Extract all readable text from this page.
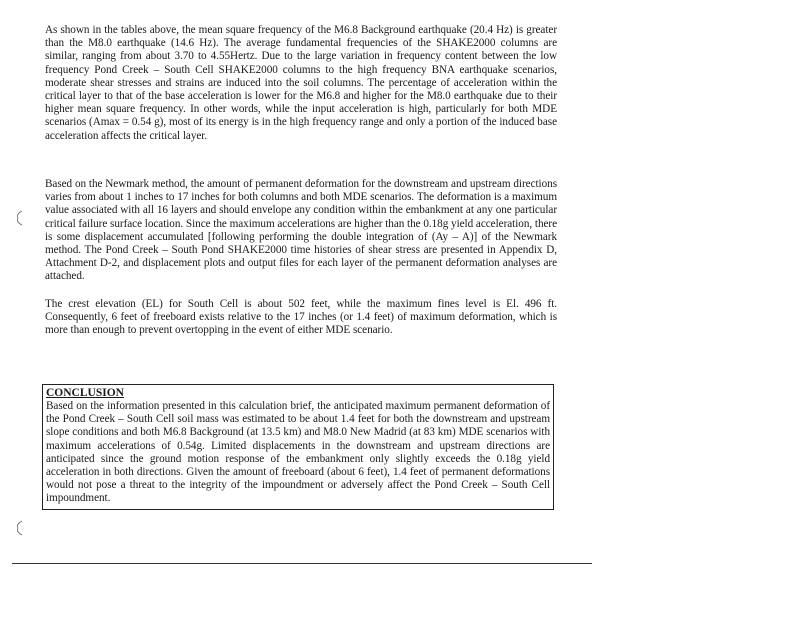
As shown in the tables above, the mean square frequency of the M6.8 Background earthquake (20.4 Hz) is greater than the M8.0 earthquake (14.6 Hz). The average fundamental frequencies of the SHAKE2000 columns are similar, ranging from about 3.70 to 4.55Hertz. Due to the large variation in frequency content between the low frequency Pond Creek – South Cell SHAKE2000 columns to the high frequency BNA earthquake scenarios, moderate shear stresses and strains are induced into the soil columns. The percentage of acceleration within the critical layer to that of the base acceleration is lower for the M6.8 and higher for the M8.0 earthquake due to their higher mean square frequency. In other words, while the input acceleration is high, particularly for both MDE scenarios (Amax = 0.54 g), most of its energy is in the high frequency range and only a portion of the induced base acceleration affects the critical layer.
Based on the Newmark method, the amount of permanent deformation for the downstream and upstream directions varies from about 1 inches to 17 inches for both columns and both MDE scenarios. The deformation is a maximum value associated with all 16 layers and should envelope any condition within the embankment at any one particular critical failure surface location. Since the maximum accelerations are higher than the 0.18g yield acceleration, there is some displacement accumulated [following performing the double integration of (Ay – A)] of the Newmark method. The Pond Creek – South Pond SHAKE2000 time histories of shear stress are presented in Appendix D, Attachment D-2, and displacement plots and output files for each layer of the permanent deformation analyses are attached.
The crest elevation (EL) for South Cell is about 502 feet, while the maximum fines level is El. 496 ft. Consequently, 6 feet of freeboard exists relative to the 17 inches (or 1.4 feet) of maximum deformation, which is more than enough to prevent overtopping in the event of either MDE scenario.
CONCLUSION
Based on the information presented in this calculation brief, the anticipated maximum permanent deformation of the Pond Creek – South Cell soil mass was estimated to be about 1.4 feet for both the downstream and upstream slope conditions and both M6.8 Background (at 13.5 km) and M8.0 New Madrid (at 83 km) MDE scenarios with maximum accelerations of 0.54g. Limited displacements in the downstream and upstream directions are anticipated since the ground motion response of the embankment only slightly exceeds the 0.18g yield acceleration in both directions. Given the amount of freeboard (about 6 feet), 1.4 feet of permanent deformations would not pose a threat to the integrity of the impoundment or adversely affect the Pond Creek – South Cell impoundment.
